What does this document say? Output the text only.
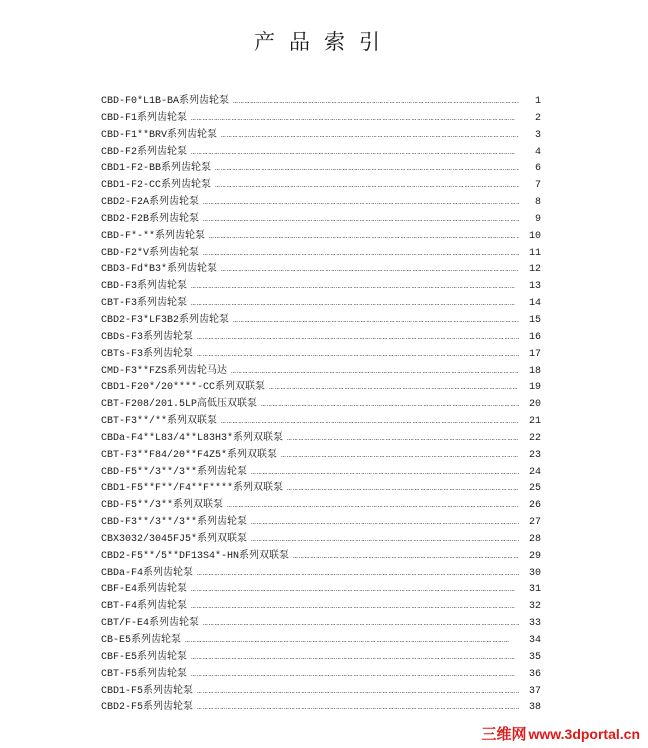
产品索引
CBD-F0*L1B-BA系列齿轮泵 ……………………………………………………………………………………………………………………………………………………	1
CBD-F1系列齿轮泵 ……………………………………………………………………………………………………………………………………………………	2
CBD-F1**BRV系列齿轮泵 ……………………………………………………………………………………………………………………………………………………	3
CBD-F2系列齿轮泵 ……………………………………………………………………………………………………………………………………………………	4
CBD1-F2-BB系列齿轮泵 ……………………………………………………………………………………………………………………………………………………	6
CBD1-F2-CC系列齿轮泵 ……………………………………………………………………………………………………………………………………………………	7
CBD2-F2A系列齿轮泵 ……………………………………………………………………………………………………………………………………………………	8
CBD2-F2B系列齿轮泵 ……………………………………………………………………………………………………………………………………………………	9
CBD-F*-**系列齿轮泵 ……………………………………………………………………………………………………………………………………………………	10
CBD-F2*V系列齿轮泵 ……………………………………………………………………………………………………………………………………………………	11
CBD3-Fd*B3*系列齿轮泵 ……………………………………………………………………………………………………………………………………………………	12
CBD-F3系列齿轮泵 ……………………………………………………………………………………………………………………………………………………	13
CBT-F3系列齿轮泵 ……………………………………………………………………………………………………………………………………………………	14
CBD2-F3*LF3B2系列齿轮泵 ……………………………………………………………………………………………………………………………………………………	15
CBDs-F3系列齿轮泵 ……………………………………………………………………………………………………………………………………………………	16
CBTs-F3系列齿轮泵 ……………………………………………………………………………………………………………………………………………………	17
CMD-F3**FZS系列齿轮马达 ……………………………………………………………………………………………………………………………………………………	18
CBD1-F20*/20****-CC系列双联泵 ……………………………………………………………………………………………………………………………………………………	19
CBT-F208/201.5LP高低压双联泵 ……………………………………………………………………………………………………………………………………………………	20
CBT-F3**/**系列双联泵 ……………………………………………………………………………………………………………………………………………………	21
CBDa-F4**L83/4**L83H3*系列双联泵 ……………………………………………………………………………………………………………………………………………………	22
CBT-F3**F84/20**F4Z5*系列双联泵 ……………………………………………………………………………………………………………………………………………………	23
CBD-F5**/3**/3**系列齿轮泵 ……………………………………………………………………………………………………………………………………………………	24
CBD1-F5**F**/F4**F****系列双联泵 ……………………………………………………………………………………………………………………………………………………	25
CBD-F5**/3**系列双联泵 ……………………………………………………………………………………………………………………………………………………	26
CBD-F3**/3**/3**系列齿轮泵 ……………………………………………………………………………………………………………………………………………………	27
CBX3032/3045FJ5*系列双联泵 ……………………………………………………………………………………………………………………………………………………	28
CBD2-F5**/5**DF13S4*-HN系列双联泵 ……………………………………………………………………………………………………………………………………………………	29
CBDa-F4系列齿轮泵 ……………………………………………………………………………………………………………………………………………………	30
CBF-E4系列齿轮泵 ……………………………………………………………………………………………………………………………………………………	31
CBT-F4系列齿轮泵 ……………………………………………………………………………………………………………………………………………………	32
CBT/F-E4系列齿轮泵 ……………………………………………………………………………………………………………………………………………………	33
CB-E5系列齿轮泵 ……………………………………………………………………………………………………………………………………………………	34
CBF-E5系列齿轮泵 ……………………………………………………………………………………………………………………………………………………	35
CBT-F5系列齿轮泵 ……………………………………………………………………………………………………………………………………………………	36
CBD1-F5系列齿轮泵 ……………………………………………………………………………………………………………………………………………………	37
CBD2-F5系列齿轮泵 ……………………………………………………………………………………………………………………………………………………	38
三维网 www.3dportal.cn
